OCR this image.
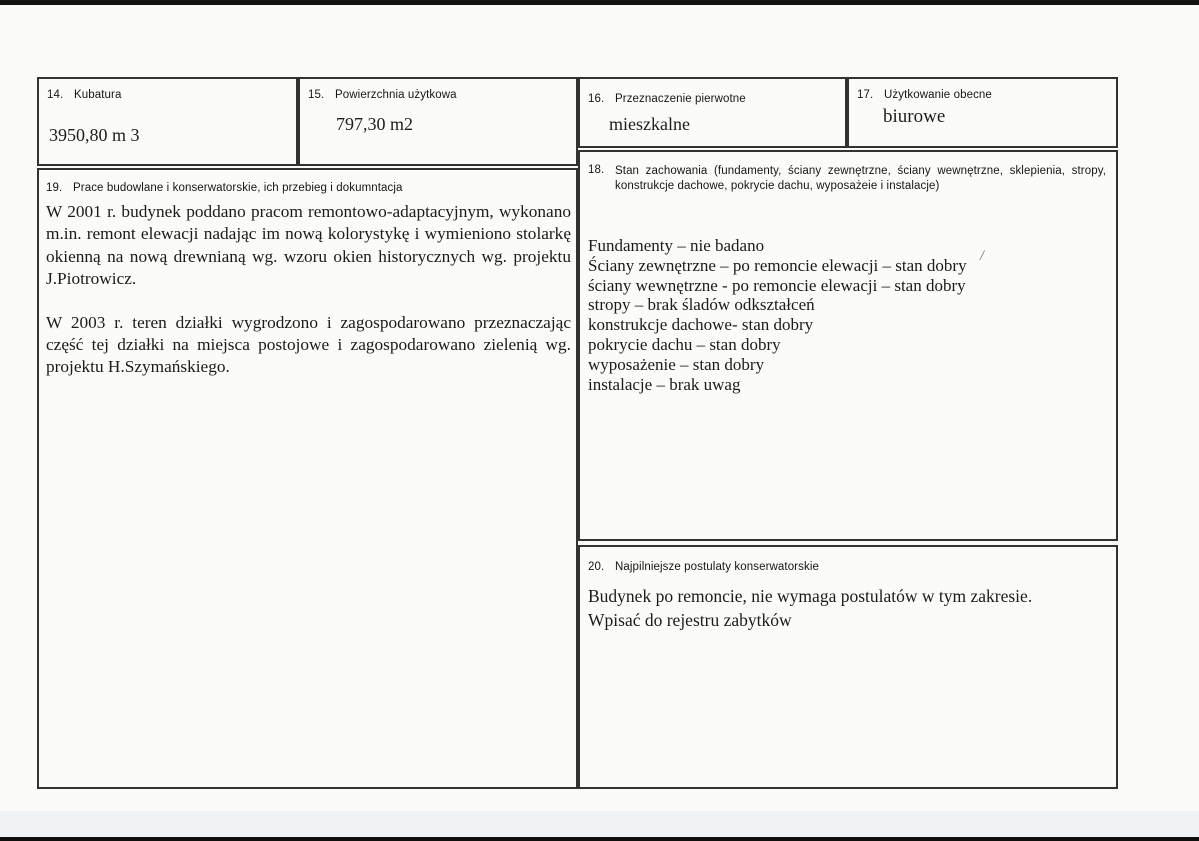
14. Kubatura
3950,80 m 3
15. Powierzchnia użytkowa
797,30 m2
16. Przeznaczenie pierwotne
mieszkalne
17. Użytkowanie obecne
biurowe
18. Stan zachowania (fundamenty, ściany zewnętrzne, ściany wewnętrzne, sklepienia, stropy, konstrukcje dachowe, pokrycie dachu, wyposażeie i instalacje)
Fundamenty – nie badano
Ściany zewnętrzne – po remoncie elewacji – stan dobry
ściany wewnętrzne - po remoncie elewacji – stan dobry
stropy – brak śladów odkształceń
konstrukcje dachowe- stan dobry
pokrycie dachu – stan dobry
wyposażenie – stan dobry
instalacje – brak uwag
19. Prace budowlane i konserwatorskie, ich przebieg i dokumntacja
W 2001 r. budynek poddano pracom remontowo-adaptacyjnym, wykonano m.in. remont elewacji nadając im nową kolorystykę i wymieniono stolarkę okienną na nową drewnianą wg. wzoru okien historycznych wg. projektu J.Piotrowicz.
W 2003 r. teren działki wygrodzono i zagospodarowano przeznaczając część tej działki na miejsca postojowe i zagospodarowano zielenią wg. projektu H.Szymańskiego.
20. Najpilniejsze postulaty konserwatorskie
Budynek po remoncie, nie wymaga postulatów w tym zakresie.
Wpisać do rejestru zabytków
/
